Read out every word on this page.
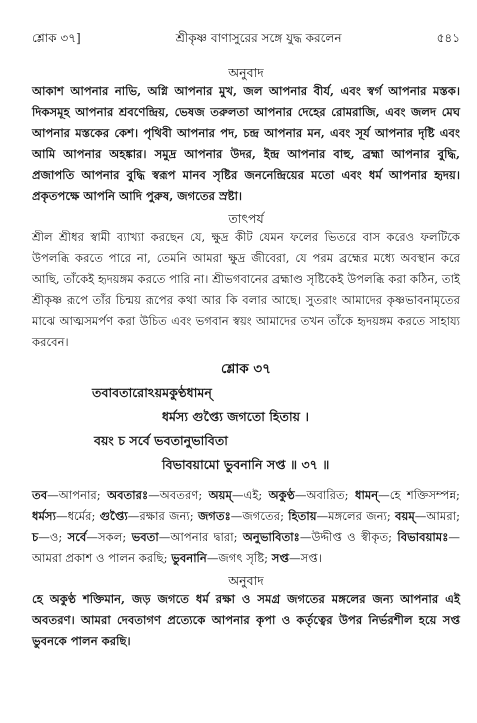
শ্লোক ৩৭]	শ্রীকৃষ্ণ বাণাসুরের সঙ্গে যুদ্ধ করলেন	৫৪১
অনুবাদ

আকাশ আপনার নাভি, অগ্নি আপনার মুখ, জল আপনার বীর্য, এবং স্বর্গ আপনার মস্তক। দিকসমূহ আপনার শ্রবণেন্দ্রিয়, ভেষজ তরুলতা আপনার দেহের রোমরাজি, এবং জলদ মেঘ আপনার মস্তকের কেশ। পৃথিবী আপনার পদ, চন্দ্র আপনার মন, এবং সূর্য আপনার দৃষ্টি এবং আমি আপনার অহঙ্কার। সমুদ্র আপনার উদর, ইন্দ্র আপনার বাহু, ব্রহ্মা আপনার বুদ্ধি, প্রজাপতি আপনার বুদ্ধি স্বরূপ মানব সৃষ্টির জননেন্দ্রিয়ের মতো এবং ধর্ম আপনার হৃদয়। প্রকৃতপক্ষে আপনি আদি পুরুষ, জগতের স্রষ্টা।

তাৎপর্য

শ্রীল শ্রীধর স্বামী ব্যাখ্যা করছেন যে, ক্ষুদ্র কীট যেমন ফলের ভিতরে বাস করেও ফলটিকে উপলব্ধি করতে পারে না, তেমনি আমরা ক্ষুদ্র জীবেরা, যে পরম ব্রহ্মের মধ্যে অবস্থান করে আছি, তাঁকেই হৃদয়ঙ্গম করতে পারি না। শ্রীভগবানের ব্রহ্মাণ্ড সৃষ্টিকেই উপলব্ধি করা কঠিন, তাই শ্রীকৃষ্ণ রূপে তাঁর চিন্ময় রূপের কথা আর কি বলার আছে। সুতরাং আমাদের কৃষ্ণভাবনামৃতের মাঝে আত্মসমর্পণ করা উচিত এবং ভগবান স্বয়ং আমাদের তখন তাঁকে হৃদয়ঙ্গম করতে সাহায্য করবেন।

শ্লোক ৩৭
তবাবতারোঽয়মকুণ্ঠধামন্
ধর্মস্য গুপ্ত্যৈ জগতো হিতায় ।
বয়ং চ সর্বে ভবতানুভাবিতা
বিভাবয়ামো ভুবনানি সপ্ত ॥ ৩৭ ॥
তব—আপনার; অবতারঃ—অবতরণ; অয়ম্—এই; অকুণ্ঠ—অবারিত; ধামন্—হে শক্তিসম্পন্ন; ধর্মস্য—ধর্মের; গুপ্ত্যৈ—রক্ষার জন্য; জগতঃ—জগতের; হিতায়—মঙ্গলের জন্য; বয়ম্—আমরা; চ—ও; সর্বে—সকল; ভবতা—আপনার দ্বারা; অনুভাবিতাঃ—উদ্দীপ্ত ও স্বীকৃত; বিভাবয়ামঃ—আমরা প্রকাশ ও পালন করছি; ভুবনানি—জগৎ সৃষ্টি; সপ্ত—সপ্ত।
অনুবাদ

হে অকুণ্ঠ শক্তিমান, জড় জগতে ধর্ম রক্ষা ও সমগ্র জগতের মঙ্গলের জন্য আপনার এই অবতরণ। আমরা দেবতাগণ প্রত্যেকে আপনার কৃপা ও কর্তৃত্বের উপর নির্ভরশীল হয়ে সপ্ত ভুবনকে পালন করছি।
